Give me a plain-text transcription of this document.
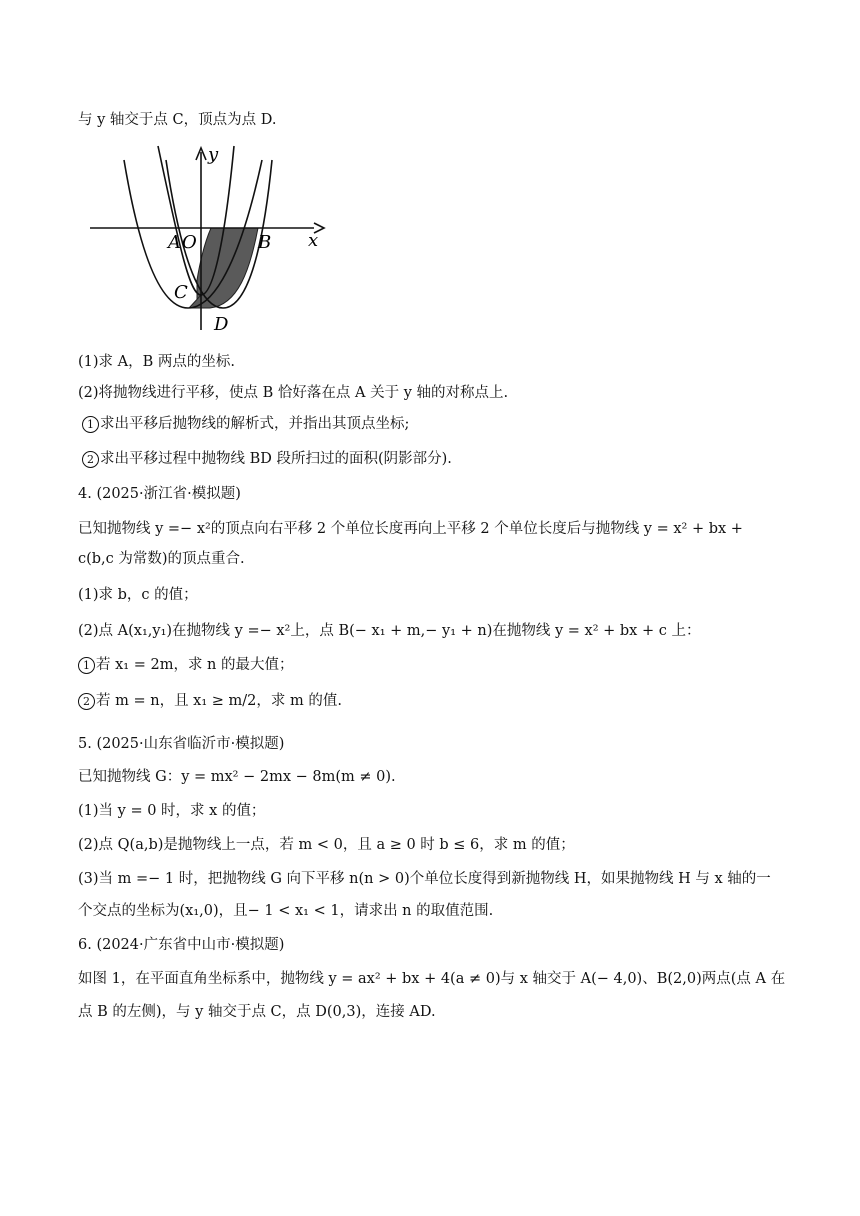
与 y 轴交于点 C，顶点为点 D.
y
x
A O	B
C
D
(1)求 A，B 两点的坐标.
(2)将抛物线进行平移，使点 B 恰好落在点 A 关于 y 轴的对称点上.
1 求出平移后抛物线的解析式，并指出其顶点坐标;
2 求出平移过程中抛物线 BD 段所扫过的面积(阴影部分).
4. (2025·浙江省·模拟题)
已知抛物线 y =− x²的顶点向右平移 2 个单位长度再向上平移 2 个单位长度后与抛物线 y = x² + bx +
c(b,c 为常数)的顶点重合.
(1)求 b，c 的值；
(2)点 A(x₁,y₁)在抛物线 y =− x²上，点 B(− x₁ + m,− y₁ + n)在抛物线 y = x² + bx + c 上：
1 若 x₁ = 2m，求 n 的最大值；
2 若 m = n，且 x₁ ≥ m/2，求 m 的值.
5. (2025·山东省临沂市·模拟题)
已知抛物线 G：y = mx² − 2mx − 8m(m ≠ 0).
(1)当 y = 0 时，求 x 的值；
(2)点 Q(a,b)是抛物线上一点，若 m < 0，且 a ≥ 0 时 b ≤ 6，求 m 的值；
(3)当 m =− 1 时，把抛物线 G 向下平移 n(n > 0)个单位长度得到新抛物线 H，如果抛物线 H 与 x 轴的一
个交点的坐标为(x₁,0)，且− 1 < x₁ < 1，请求出 n 的取值范围.
6. (2024·广东省中山市·模拟题)
如图 1，在平面直角坐标系中，抛物线 y = ax² + bx + 4(a ≠ 0)与 x 轴交于 A(− 4,0)、B(2,0)两点(点 A 在
点 B 的左侧)，与 y 轴交于点 C，点 D(0,3)，连接 AD.
